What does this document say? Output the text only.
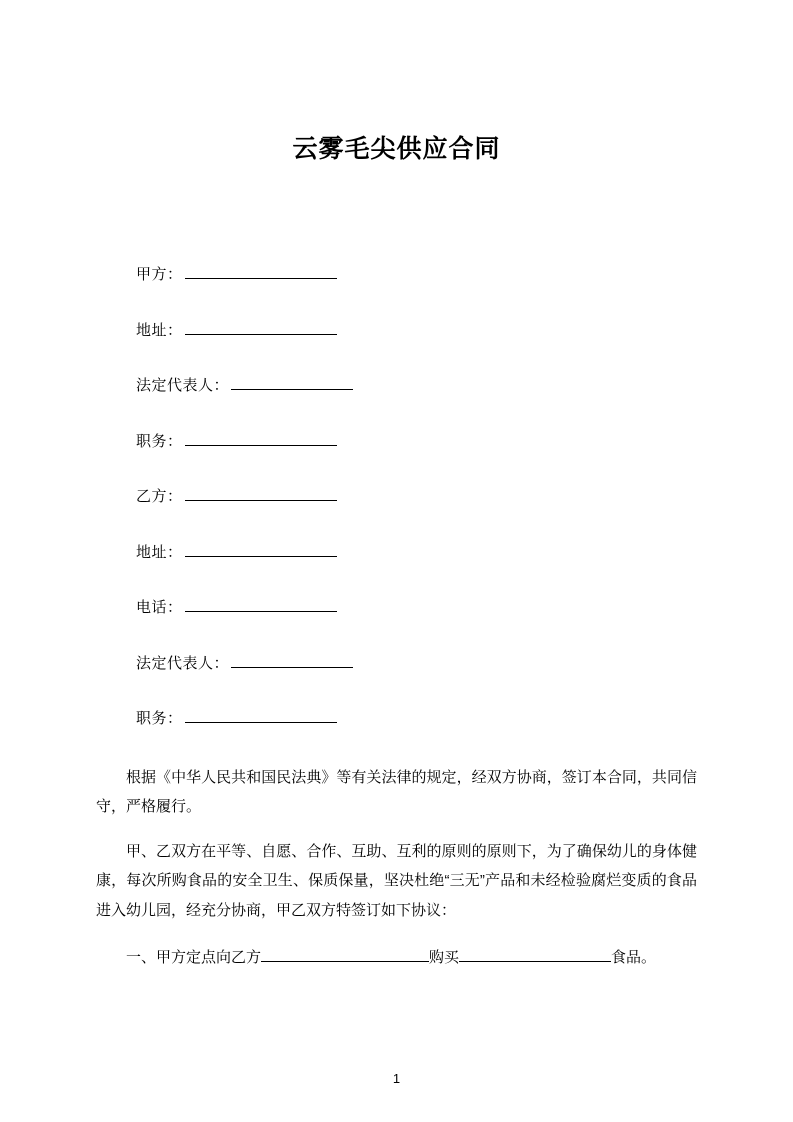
云雾毛尖供应合同

甲方：

地址：

法定代表人：

职务：

乙方：

地址：

电话：

法定代表人：

职务：

根据《中华人民共和国民法典》等有关法律的规定，经双方协商，签订本合同，共同信守，严格履行。

甲、乙双方在平等、自愿、合作、互助、互利的原则的原则下，为了确保幼儿的身体健康，每次所购食品的安全卫生、保质保量，坚决杜绝“三无”产品和未经检验腐烂变质的食品进入幼儿园，经充分协商，甲乙双方特签订如下协议：

一、甲方定点向乙方	购买	食品。

1
